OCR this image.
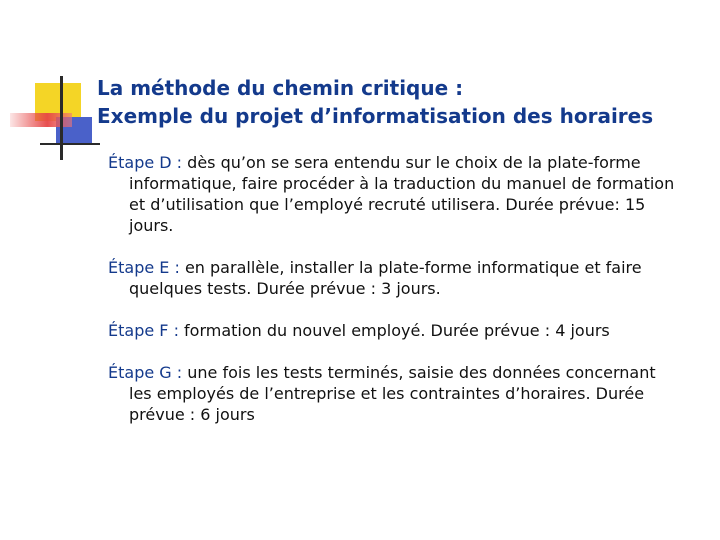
La méthode du chemin critique :
Exemple du projet d’informatisation des horaires
Étape D : dès qu’on se sera entendu sur le choix de la plate-forme informatique, faire procéder à la traduction du manuel de formation et d’utilisation que l’employé recruté utilisera. Durée prévue: 15 jours.
Étape E : en parallèle, installer la plate-forme informatique et faire quelques tests. Durée prévue : 3 jours.
Étape F : formation du nouvel employé. Durée prévue : 4 jours
Étape G : une fois les tests terminés, saisie des données concernant les employés de l’entreprise et les contraintes d’horaires. Durée prévue : 6 jours
